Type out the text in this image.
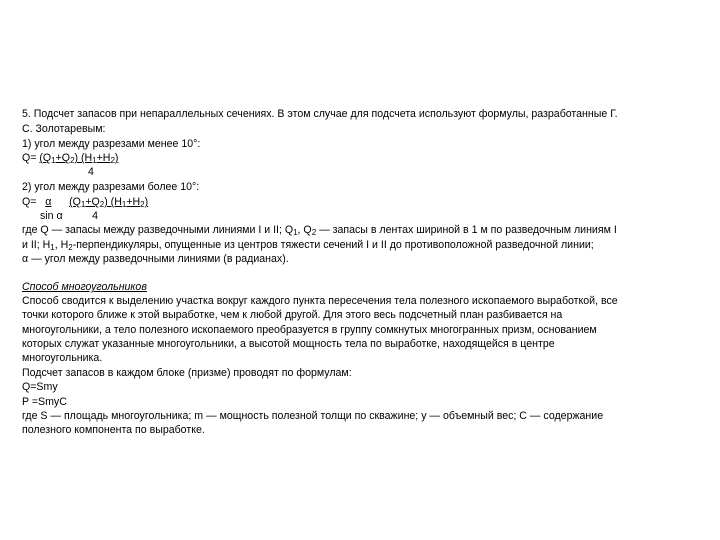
5. Подсчет запасов при непараллельных сечениях. В этом случае для подсчета используют формулы, разработанные Г.
С. Золотаревым:
1) угол между разрезами менее 10°:
$Q= (Q_1+Q_2)$ $(H_1+H_2)$
4
2) угол между разрезами более 10°:
Q= α $(Q_1+Q_2)$ $(H_1+H_2)$
sin α	4
где Q — запасы между разведочными линиями I и II; $Q_1$, $Q_2$ — запасы в лентах шириной в 1 м по разведочным линиям I
и II; $H_1$, $H_2$-перпендикуляры, опущенные из центров тяжести сечений I и II до противоположной разведочной линии;
α — угол между разведочными линиями (в радианах).
Способ многоугольников
Способ сводится к выделению участка вокруг каждого пункта пересечения тела полезного ископаемого выработкой, все
точки которого ближе к этой выработке, чем к любой другой. Для этого весь подсчетный план разбивается на
многоугольники, а тело полезного ископаемого преобразуется в группу сомкнутых многогранных призм, основанием
которых служат указанные многоугольники, а высотой мощность тела по выработке, находящейся в центре
многоугольника.
Подсчет запасов в каждом блоке (призме) проводят по формулам:
Q=Smy
P =SmyC
где S — площадь многоугольника; m — мощность полезной толщи по скважине; y — объемный вес; C — содержание
полезного компонента по выработке.
